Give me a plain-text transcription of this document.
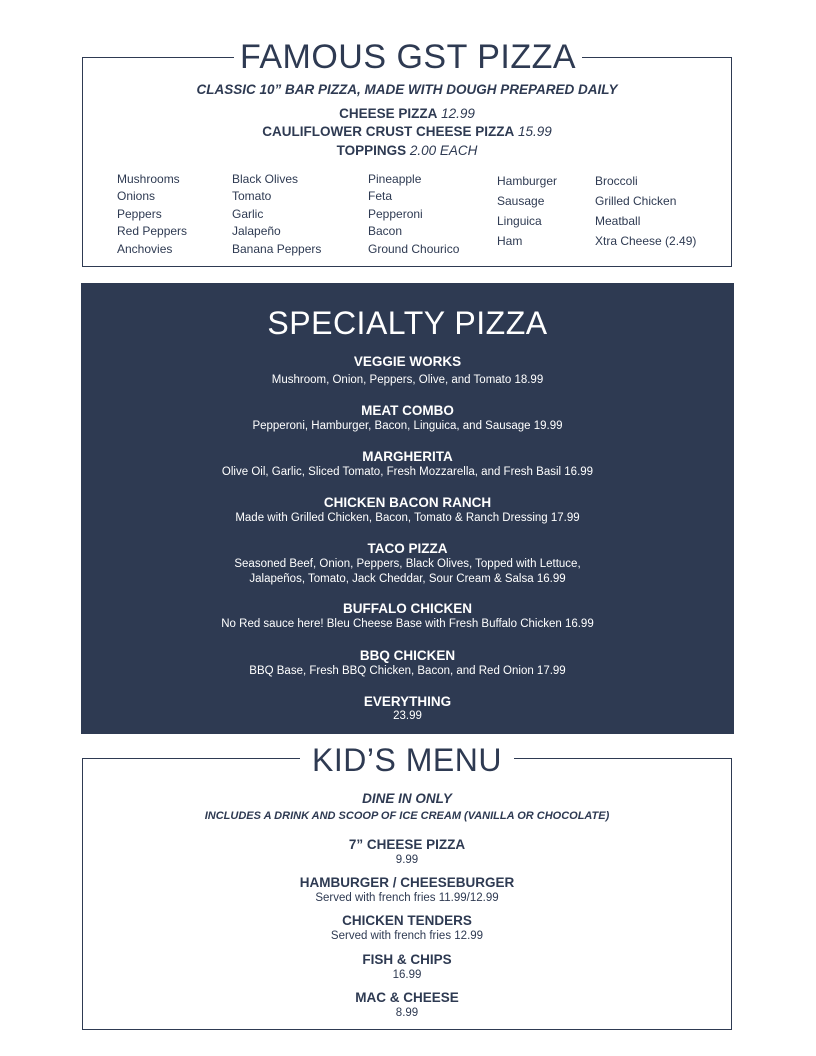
FAMOUS GST PIZZA
CLASSIC 10” BAR PIZZA, MADE WITH DOUGH PREPARED DAILY
CHEESE PIZZA 12.99
CAULIFLOWER CRUST CHEESE PIZZA 15.99
TOPPINGS 2.00 EACH
Mushrooms
Onions
Peppers
Red Peppers
Anchovies
Black Olives
Tomato
Garlic
Jalapeño
Banana Peppers
Pineapple
Feta
Pepperoni
Bacon
Ground Chourico
Hamburger
Sausage
Linguica
Ham
Broccoli
Grilled Chicken
Meatball
Xtra Cheese (2.49)
SPECIALTY PIZZA
VEGGIE WORKS
Mushroom, Onion, Peppers, Olive, and Tomato 18.99
MEAT COMBO
Pepperoni, Hamburger, Bacon, Linguica, and Sausage 19.99
MARGHERITA
Olive Oil, Garlic, Sliced Tomato, Fresh Mozzarella, and Fresh Basil 16.99
CHICKEN BACON RANCH
Made with Grilled Chicken, Bacon, Tomato & Ranch Dressing 17.99
TACO PIZZA
Seasoned Beef, Onion, Peppers, Black Olives, Topped with Lettuce,
Jalapeños, Tomato, Jack Cheddar, Sour Cream & Salsa 16.99
BUFFALO CHICKEN
No Red sauce here! Bleu Cheese Base with Fresh Buffalo Chicken 16.99
BBQ CHICKEN
BBQ Base, Fresh BBQ Chicken, Bacon, and Red Onion 17.99
EVERYTHING
23.99
KID’S MENU
DINE IN ONLY
INCLUDES A DRINK AND SCOOP OF ICE CREAM (VANILLA OR CHOCOLATE)
7” CHEESE PIZZA
9.99
HAMBURGER / CHEESEBURGER
Served with french fries 11.99/12.99
CHICKEN TENDERS
Served with french fries 12.99
FISH & CHIPS
16.99
MAC & CHEESE
8.99
